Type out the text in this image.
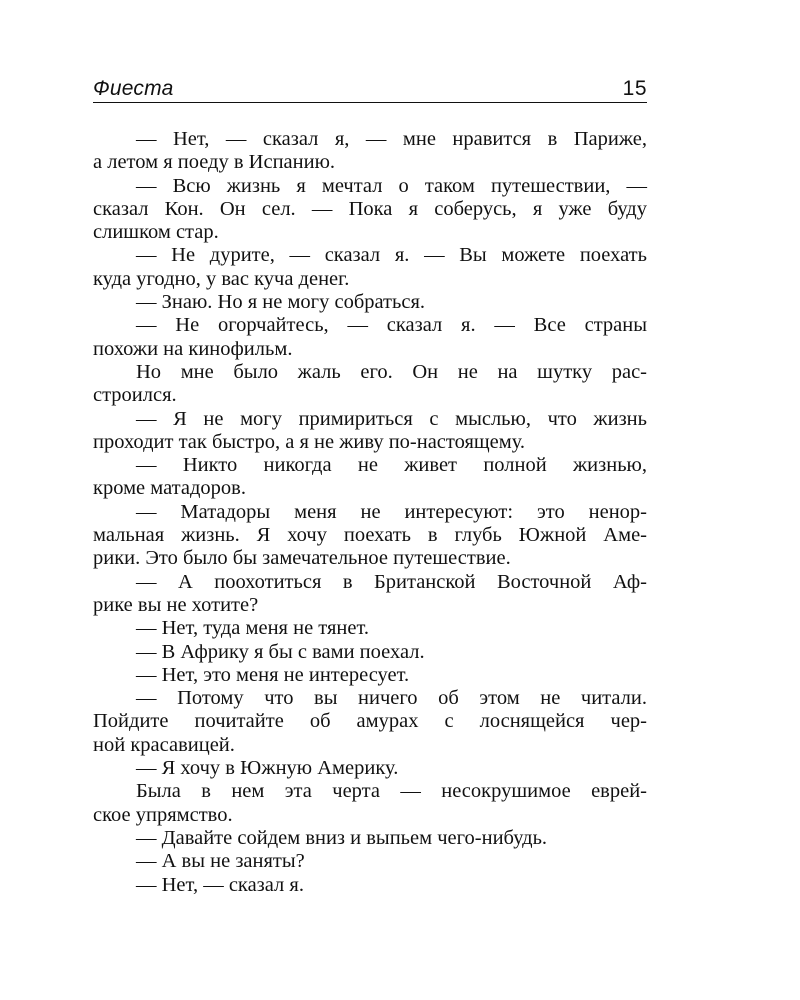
Фиеста	15
— Нет, — сказал я, — мне нравится в Париже,
а летом я поеду в Испанию.
— Всю жизнь я мечтал о таком путешествии, —
сказал Кон. Он сел. — Пока я соберусь, я уже буду
слишком стар.
— Не дурите, — сказал я. — Вы можете поехать
куда угодно, у вас куча денег.
— Знаю. Но я не могу собраться.
— Не огорчайтесь, — сказал я. — Все страны
похожи на кинофильм.
Но мне было жаль его. Он не на шутку рас-
строился.
— Я не могу примириться с мыслью, что жизнь
проходит так быстро, а я не живу по-настоящему.
— Никто никогда не живет полной жизнью,
кроме матадоров.
— Матадоры меня не интересуют: это ненор-
мальная жизнь. Я хочу поехать в глубь Южной Аме-
рики. Это было бы замечательное путешествие.
— А поохотиться в Британской Восточной Аф-
рике вы не хотите?
— Нет, туда меня не тянет.
— В Африку я бы с вами поехал.
— Нет, это меня не интересует.
— Потому что вы ничего об этом не читали.
Пойдите почитайте об амурах с лоснящейся чер-
ной красавицей.
— Я хочу в Южную Америку.
Была в нем эта черта — несокрушимое еврей-
ское упрямство.
— Давайте сойдем вниз и выпьем чего-нибудь.
— А вы не заняты?
— Нет, — сказал я.
